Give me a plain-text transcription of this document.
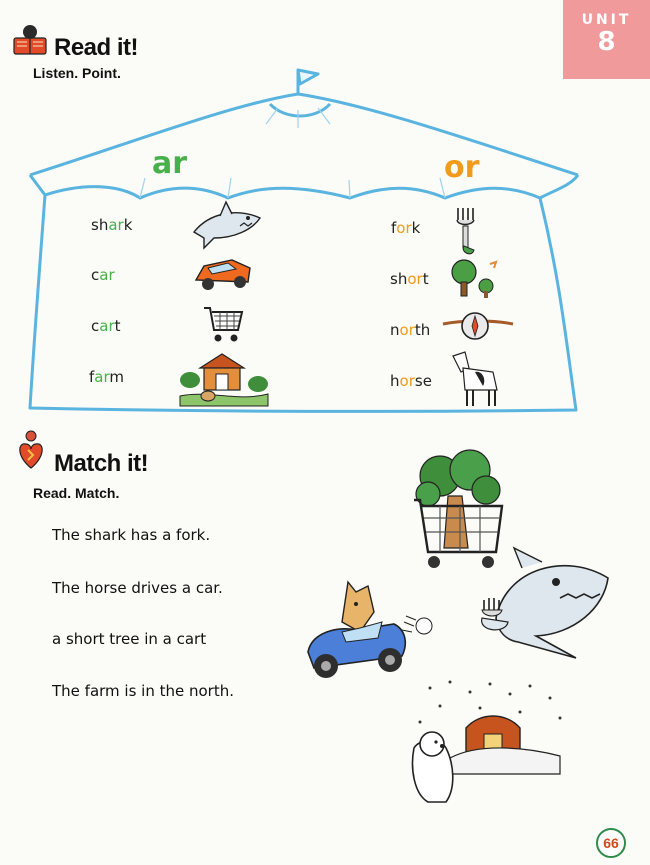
UNIT
8
Read it!
Listen. Point.
ar	or
shark
car
cart
farm
fork
short
north
horse
Match it!
Read. Match.
The shark has a fork.
The horse drives a car.
a short tree in a cart
The farm is in the north.
66
